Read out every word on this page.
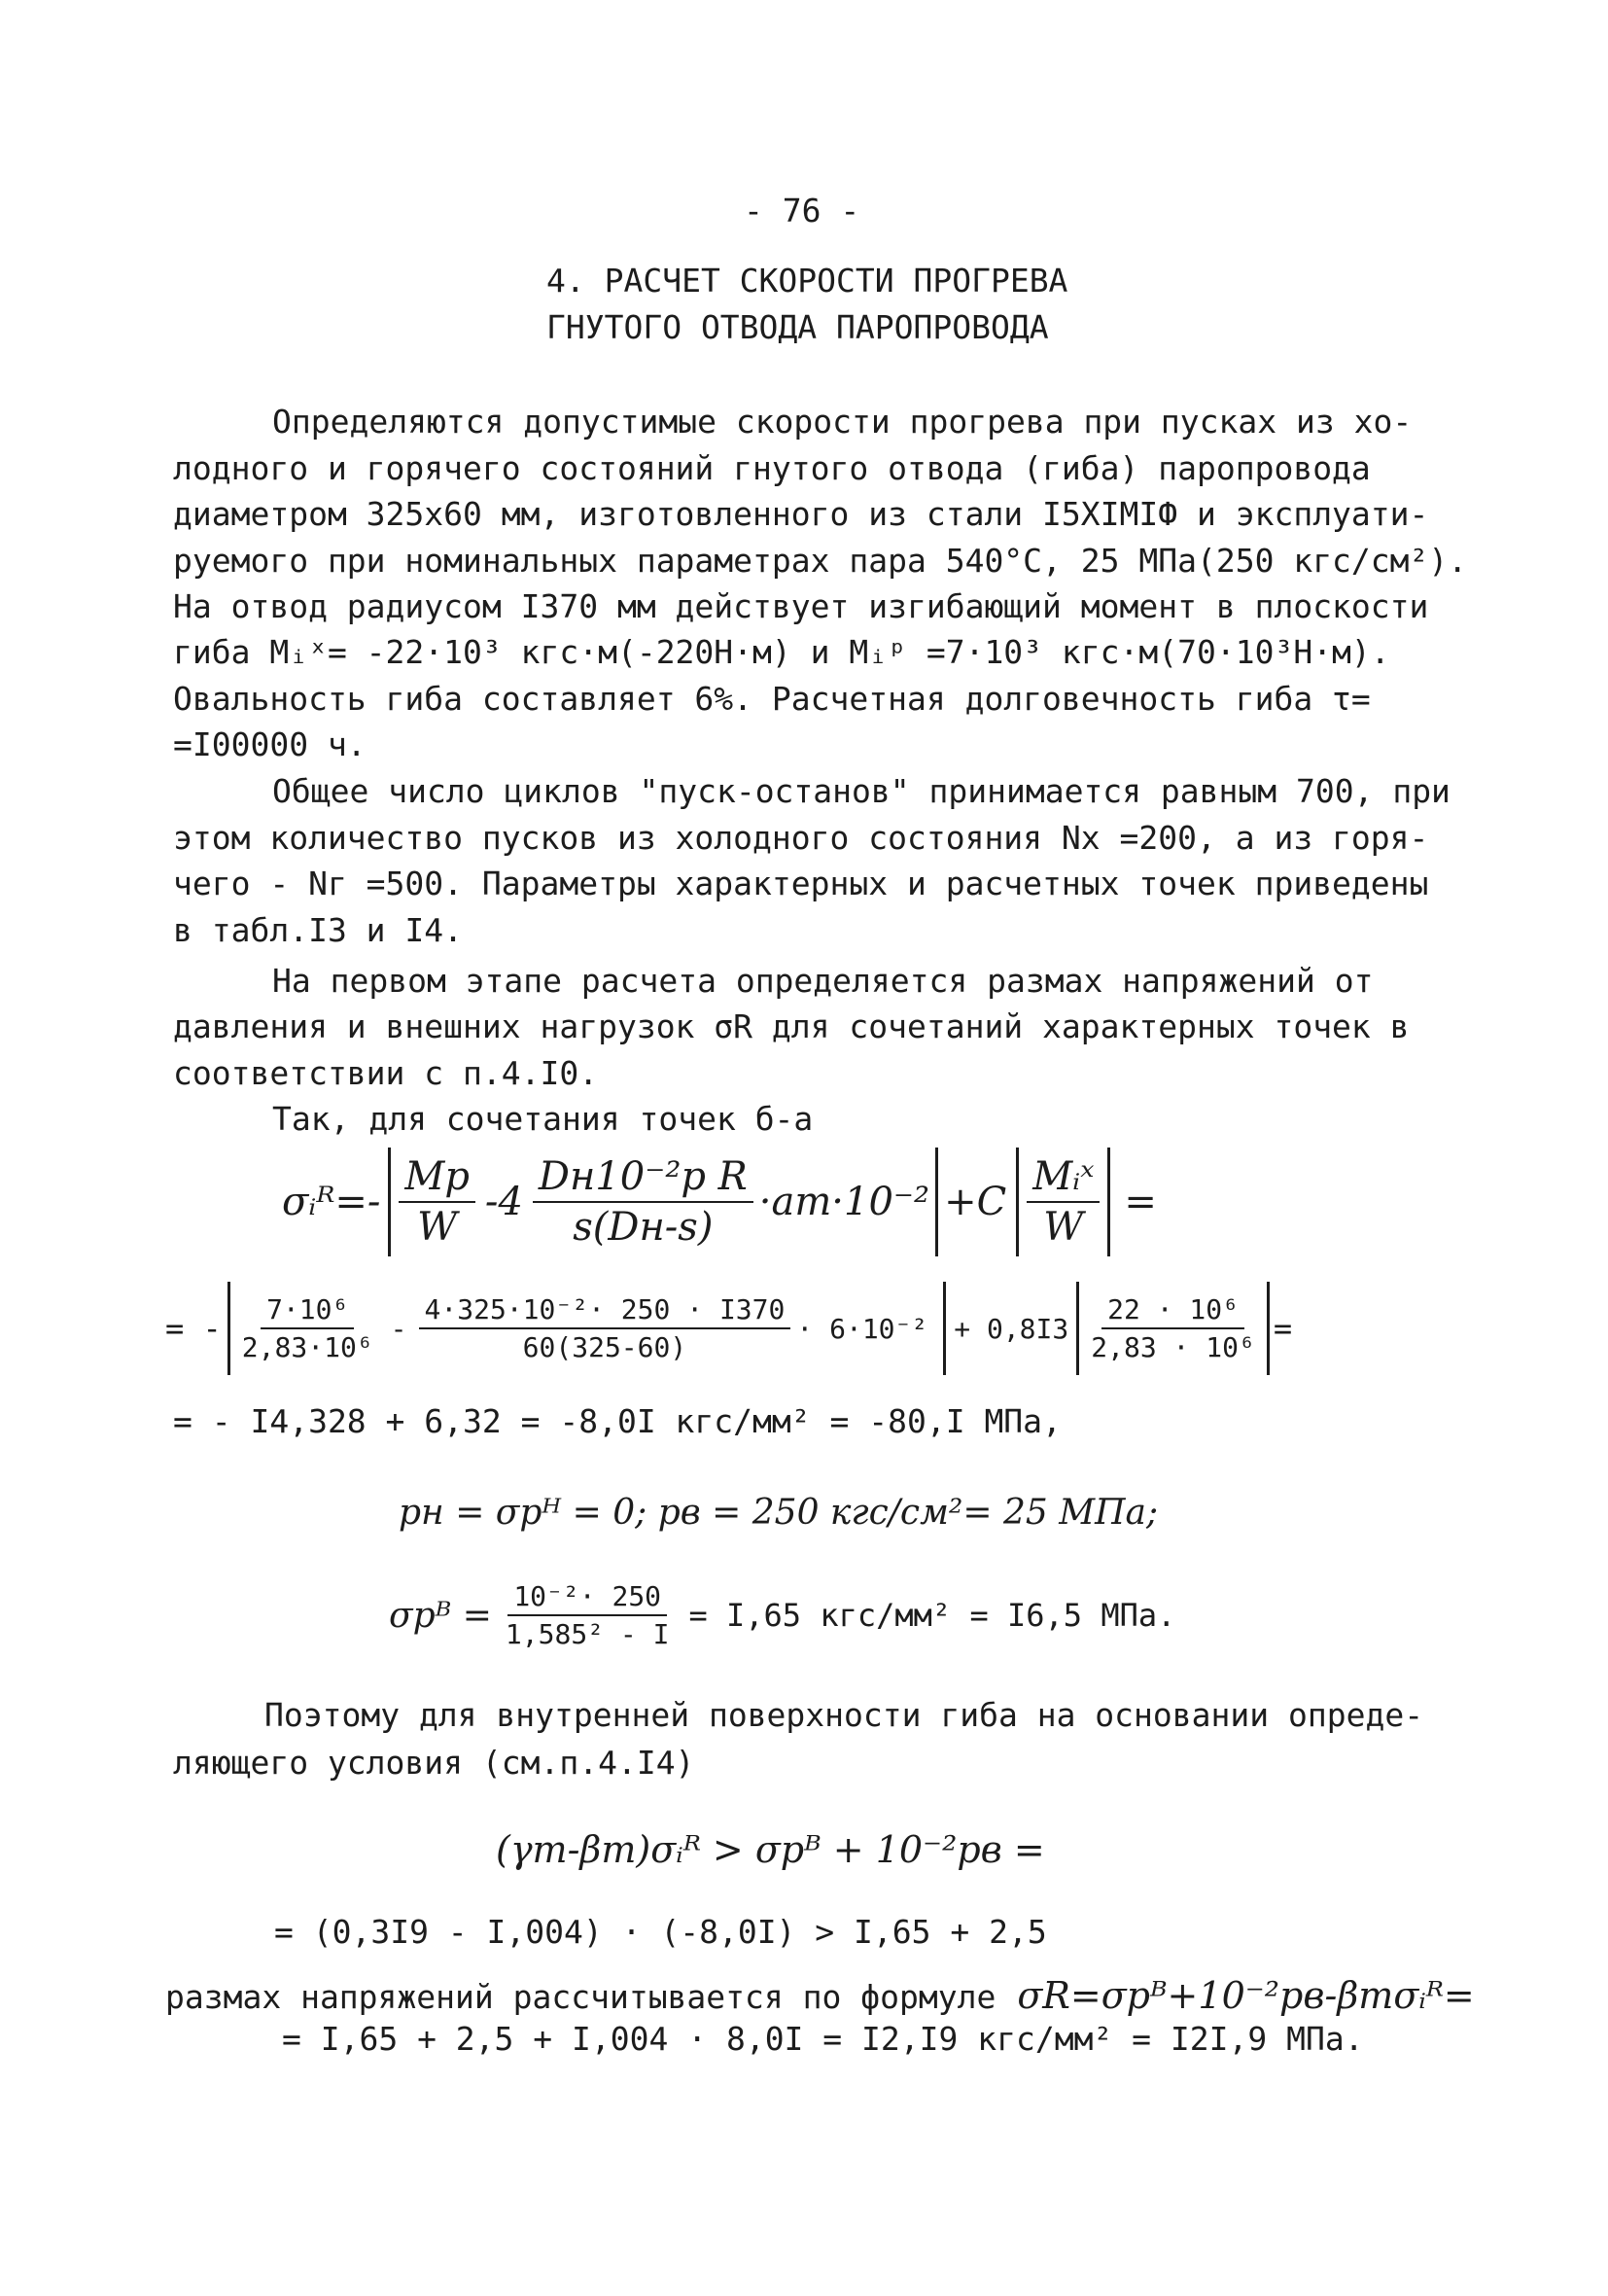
- 76 -
4. РАСЧЕТ СКОРОСТИ ПРОГРЕВА
ГНУТОГО ОТВОДА ПАРОПРОВОДА
Определяются допустимые скорости прогрева при пусках из хо-
лодного и горячего состояний гнутого отвода (гиба) паропровода
диаметром 325х60 мм, изготовленного из стали I5XIMIФ и эксплуати-
руемого при номинальных параметрах пара 540°С, 25 МПа(250 кгс/см²).
На отвод радиусом I370 мм действует изгибающий момент в плоскости
гиба Mᵢˣ= -22·10³ кгс·м(-220Н·м) и Mᵢᵖ =7·10³ кгс·м(70·10³Н·м).
Овальность гиба составляет 6%. Расчетная долговечность гиба τ=
=I00000 ч.
Общее число циклов "пуск-останов" принимается равным 700, при
этом количество пусков из холодного состояния Nx =200, а из горя-
чего - Nг =500. Параметры характерных и расчетных точек приведены
в табл.I3 и I4.
На первом этапе расчета определяется размах напряжений от
давления и внешних нагрузок σR для сочетаний характерных точек в
соответствии с п.4.I0.
Так, для сочетания точек б-а
σᵢᴿ=- $\frac{Mp}{W} -4 \frac{\text{Dн10⁻²p R}}{s(Dн-s)} \cdot aт\cdot 10^{-2} +C \frac{\text{Mᵢˣ}}{W}$ =
= - $\frac{\text{7·10⁶}}{\text{2,83·10⁶}} - \frac{\text{4·325·10⁻²· 250 · I370}}{60(325-60)} \cdot 6\cdot 10^{-2} + 0,8I3 \frac{\text{22 · 10⁶}}{\text{2,83 · 10⁶}}$ =
= - I4,328 + 6,32 = -8,0I кгс/мм² = -80,I МПа,
pн = σpᴴ = 0; pв = 250 кгс/см²= 25 МПа;
σpᴮ = $\frac{\text{10⁻²· 250}}{\text{1,585² - I}} = I,65$ кгс/мм² = I6,5 МПа.
Поэтому для внутренней поверхности гиба на основании опреде-
ляющего условия (см.п.4.I4)
(γm-βm)σᵢᴿ > σpᴮ + 10⁻²pв =
= (0,3I9 - I,004) · (-8,0I) > I,65 + 2,5
размах напряжений рассчитывается по формуле σR=σpᴮ+10⁻²pв-βmσᵢᴿ=
= I,65 + 2,5 + I,004 · 8,0I = I2,I9 кгс/мм² = I2I,9 МПа.
